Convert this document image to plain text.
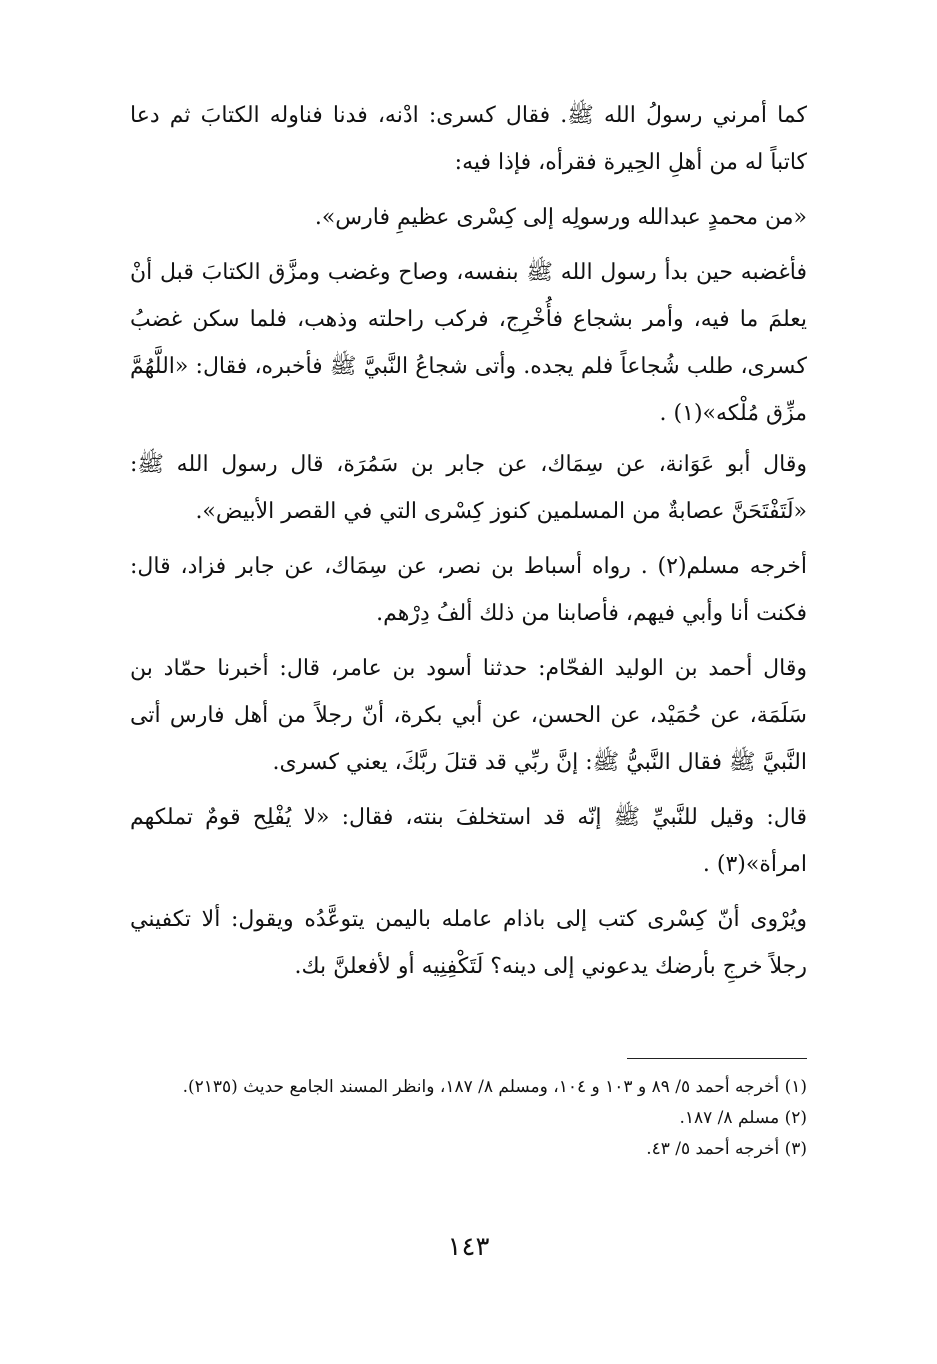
كما أمرني رسولُ الله ﷺ. فقال كسرى: ادْنه، فدنا فناوله الكتابَ ثم دعا كاتباً له من أهلِ الحِيرة فقرأه، فإذا فيه:

«من محمدٍ عبدالله ورسولِه إلى كِسْرى عظيمِ فارس».

فأغضبه حين بدأ رسول الله ﷺ بنفسه، وصاح وغضب ومزَّق الكتابَ قبل أنْ يعلمَ ما فيه، وأمر بشجاع فأُخْرِج، فركب راحلته وذهب، فلما سكن غضبُ كسرى، طلب شُجاعاً فلم يجده. وأتى شجاعُ النَّبيَّ ﷺ فأخبره، فقال: «اللَّهُمَّ مزِّق مُلْكه»(١) .

وقال أبو عَوَانة، عن سِمَاك، عن جابر بن سَمُرَة، قال رسول الله ﷺ: «لَتَفْتَحَنَّ عصابةٌ من المسلمين كنوز كِسْرى التي في القصر الأبيض».

أخرجه مسلم(٢) . رواه أسباط بن نصر، عن سِمَاك، عن جابر فزاد، قال: فكنت أنا وأبي فيهم، فأصابنا من ذلك ألفُ دِرْهم.

وقال أحمد بن الوليد الفحّام: حدثنا أسود بن عامر، قال: أخبرنا حمّاد بن سَلَمَة، عن حُمَيْد، عن الحسن، عن أبي بكرة، أنّ رجلاً من أهل فارس أتى النَّبيَّ ﷺ فقال النَّبيُّ ﷺ: إنَّ ربِّي قد قتلَ ربَّكَ، يعني كسرى.

قال: وقيل للنَّبيِّ ﷺ إنّه قد استخلفَ بنته، فقال: «لا يُفْلِح قومٌ تملكهم امرأة»(٣) .

ويُرْوى أنّ كِسْرى كتب إلى باذام عامله باليمن يتوعَّدُه ويقول: ألا تكفيني رجلاً خرجِ بأرضك يدعوني إلى دينه؟ لَتَكْفِنِيه أو لأفعلنَّ بك.

(١) أخرجه أحمد ٥/ ٨٩ و ١٠٣ و ١٠٤، ومسلم ٨/ ١٨٧، وانظر المسند الجامع حديث (٢١٣٥).

(٢) مسلم ٨/ ١٨٧.

(٣) أخرجه أحمد ٥/ ٤٣.

١٤٣
